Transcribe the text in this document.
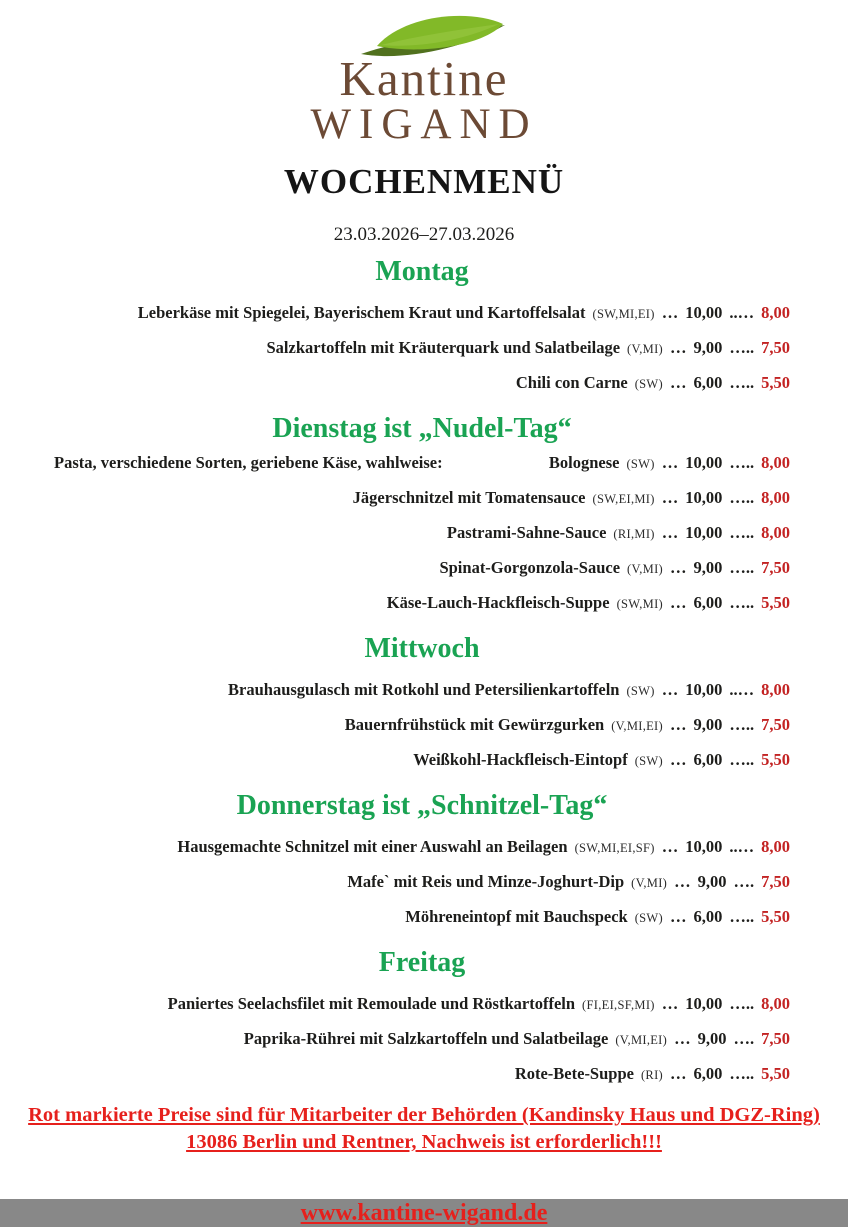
Kantine
WIGAND
WOCHENMENÜ
23.03.2026–27.03.2026
Montag
Leberkäse mit Spiegelei, Bayerischem Kraut und Kartoffelsalat (SW,MI,EI) … 10,00 ..… 8,00
Salzkartoffeln mit Kräuterquark und Salatbeilage (V,MI) … 9,00 ….. 7,50
Chili con Carne (SW) … 6,00 ….. 5,50
Dienstag ist „Nudel-Tag“
Pasta, verschiedene Sorten, geriebene Käse, wahlweise:	Bolognese (SW) … 10,00 ….. 8,00
Jägerschnitzel mit Tomatensauce (SW,EI,MI) … 10,00 ….. 8,00
Pastrami-Sahne-Sauce (RI,MI) … 10,00 ….. 8,00
Spinat-Gorgonzola-Sauce (V,MI) … 9,00 ….. 7,50
Käse-Lauch-Hackfleisch-Suppe (SW,MI) … 6,00 ….. 5,50
Mittwoch
Brauhausgulasch mit Rotkohl und Petersilienkartoffeln (SW) … 10,00 ..… 8,00
Bauernfrühstück mit Gewürzgurken (V,MI,EI) … 9,00 ….. 7,50
Weißkohl-Hackfleisch-Eintopf (SW) … 6,00 ….. 5,50
Donnerstag ist „Schnitzel-Tag“
Hausgemachte Schnitzel mit einer Auswahl an Beilagen (SW,MI,EI,SF) … 10,00 ..… 8,00
Mafe` mit Reis und Minze-Joghurt-Dip (V,MI) … 9,00 …. 7,50
Möhreneintopf mit Bauchspeck (SW) … 6,00 ….. 5,50
Freitag
Paniertes Seelachsfilet mit Remoulade und Röstkartoffeln (FI,EI,SF,MI) … 10,00 ….. 8,00
Paprika-Rührei mit Salzkartoffeln und Salatbeilage (V,MI,EI) … 9,00 …. 7,50
Rote-Bete-Suppe (RI) … 6,00 ….. 5,50
Rot markierte Preise sind für Mitarbeiter der Behörden (Kandinsky Haus und DGZ-Ring)
13086 Berlin und Rentner, Nachweis ist erforderlich!!!

www.kantine-wigand.de
